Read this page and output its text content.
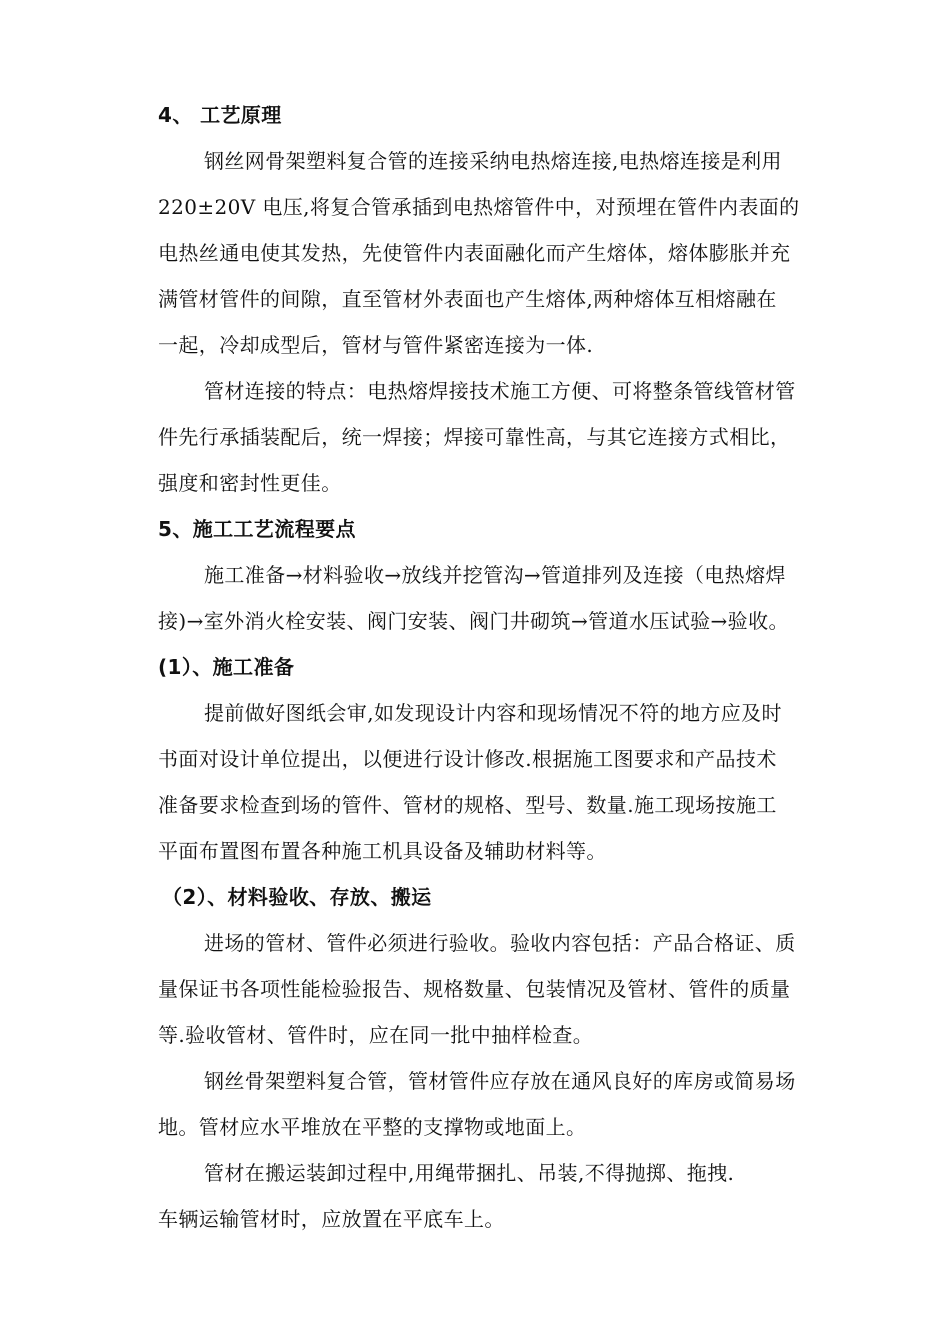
4、 工艺原理
钢丝网骨架塑料复合管的连接采纳电热熔连接,电热熔连接是利用
220±20V 电压,将复合管承插到电热熔管件中，对预埋在管件内表面的
电热丝通电使其发热，先使管件内表面融化而产生熔体，熔体膨胀并充
满管材管件的间隙，直至管材外表面也产生熔体,两种熔体互相熔融在
一起，冷却成型后，管材与管件紧密连接为一体.
管材连接的特点：电热熔焊接技术施工方便、可将整条管线管材管
件先行承插装配后，统一焊接；焊接可靠性高，与其它连接方式相比，
强度和密封性更佳。
5、施工工艺流程要点
施工准备→材料验收→放线并挖管沟→管道排列及连接（电热熔焊
接)→室外消火栓安装、阀门安装、阀门井砌筑→管道水压试验→验收。
(1）、施工准备
提前做好图纸会审,如发现设计内容和现场情况不符的地方应及时
书面对设计单位提出，以便进行设计修改.根据施工图要求和产品技术
准备要求检查到场的管件、管材的规格、型号、数量.施工现场按施工
平面布置图布置各种施工机具设备及辅助材料等。
（2）、材料验收、存放、搬运
进场的管材、管件必须进行验收。验收内容包括：产品合格证、质
量保证书各项性能检验报告、规格数量、包装情况及管材、管件的质量
等.验收管材、管件时，应在同一批中抽样检查。
钢丝骨架塑料复合管，管材管件应存放在通风良好的库房或简易场
地。管材应水平堆放在平整的支撑物或地面上。
管材在搬运装卸过程中,用绳带捆扎、吊装,不得抛掷、拖拽.
车辆运输管材时，应放置在平底车上。
